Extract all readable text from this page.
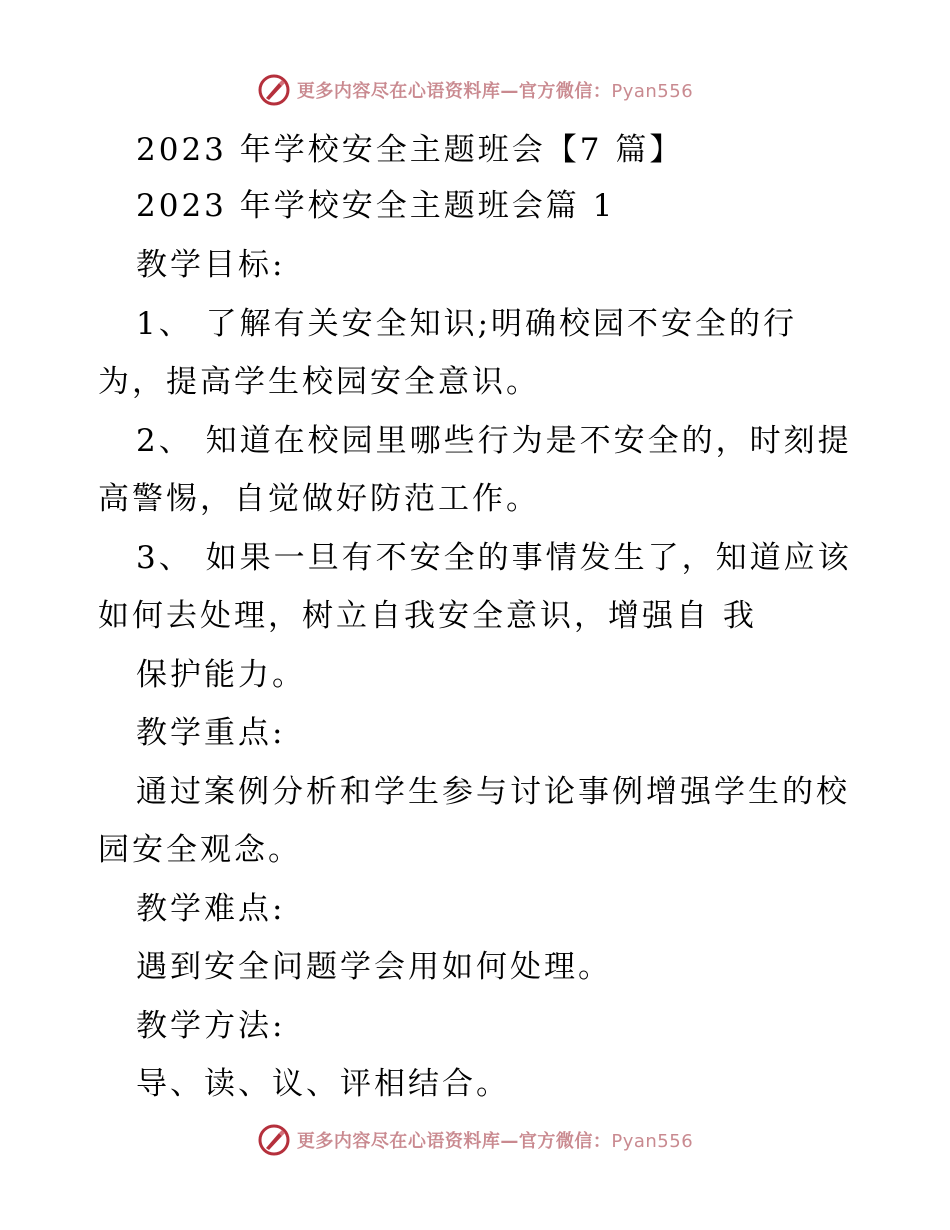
更多内容尽在心语资料库—官方微信：Pyan556
2023 年学校安全主题班会【7 篇】
2023 年学校安全主题班会篇 1
教学目标:
1、 了解有关安全知识;明确校园不安全的行
为，提高学生校园安全意识。
2、 知道在校园里哪些行为是不安全的，时刻提
高警惕，自觉做好防范工作。
3、 如果一旦有不安全的事情发生了，知道应该
如何去处理，树立自我安全意识，增强自 我
保护能力。
教学重点:
通过案例分析和学生参与讨论事例增强学生的校
园安全观念。
教学难点:
遇到安全问题学会用如何处理。
教学方法:
导、读、议、评相结合。
更多内容尽在心语资料库—官方微信：Pyan556
